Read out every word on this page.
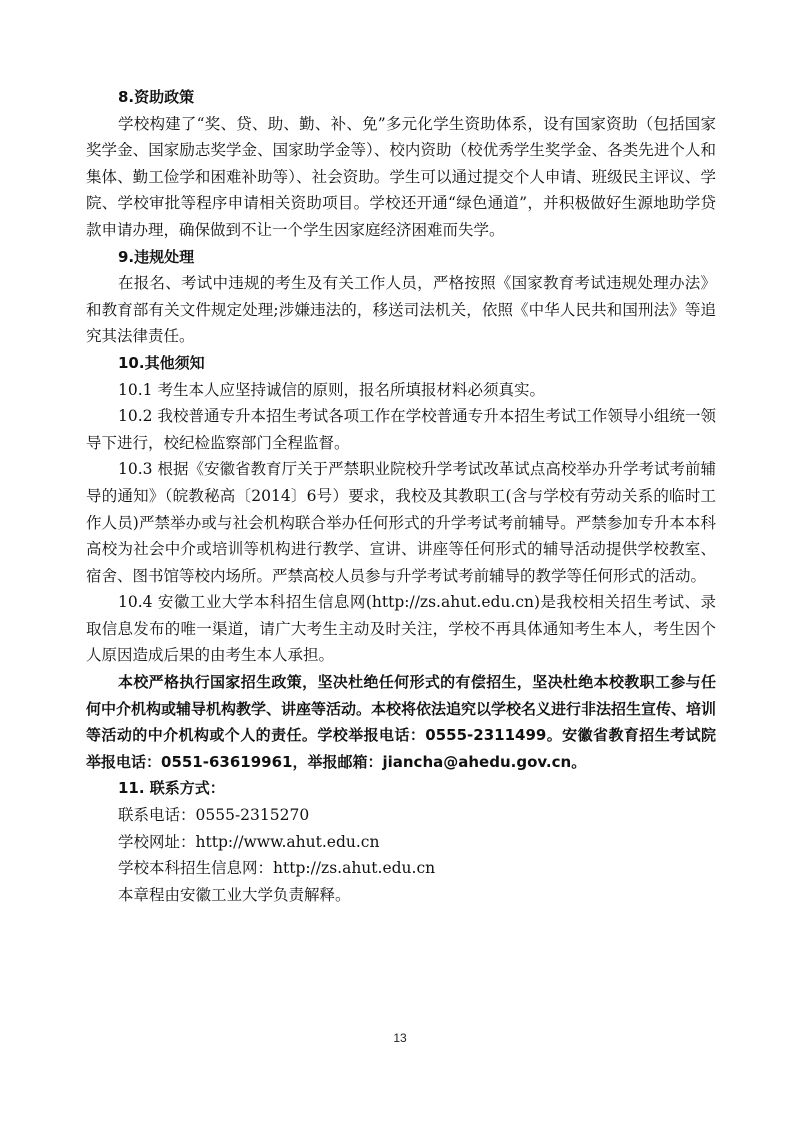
8.资助政策
学校构建了“奖、贷、助、勤、补、免”多元化学生资助体系，设有国家资助（包括国家奖学金、国家励志奖学金、国家助学金等）、校内资助（校优秀学生奖学金、各类先进个人和集体、勤工俭学和困难补助等）、社会资助。学生可以通过提交个人申请、班级民主评议、学院、学校审批等程序申请相关资助项目。学校还开通“绿色通道”，并积极做好生源地助学贷款申请办理，确保做到不让一个学生因家庭经济困难而失学。
9.违规处理
在报名、考试中违规的考生及有关工作人员，严格按照《国家教育考试违规处理办法》和教育部有关文件规定处理;涉嫌违法的，移送司法机关，依照《中华人民共和国刑法》等追究其法律责任。
10.其他须知
10.1 考生本人应坚持诚信的原则，报名所填报材料必须真实。
10.2 我校普通专升本招生考试各项工作在学校普通专升本招生考试工作领导小组统一领导下进行，校纪检监察部门全程监督。
10.3 根据《安徽省教育厅关于严禁职业院校升学考试改革试点高校举办升学考试考前辅导的通知》（皖教秘高〔2014〕6号）要求，我校及其教职工(含与学校有劳动关系的临时工作人员)严禁举办或与社会机构联合举办任何形式的升学考试考前辅导。严禁参加专升本本科高校为社会中介或培训等机构进行教学、宣讲、讲座等任何形式的辅导活动提供学校教室、宿舍、图书馆等校内场所。严禁高校人员参与升学考试考前辅导的教学等任何形式的活动。
10.4 安徽工业大学本科招生信息网(http://zs.ahut.edu.cn)是我校相关招生考试、录取信息发布的唯一渠道，请广大考生主动及时关注，学校不再具体通知考生本人，考生因个人原因造成后果的由考生本人承担。
本校严格执行国家招生政策，坚决杜绝任何形式的有偿招生，坚决杜绝本校教职工参与任何中介机构或辅导机构教学、讲座等活动。本校将依法追究以学校名义进行非法招生宣传、培训等活动的中介机构或个人的责任。学校举报电话：0555-2311499。安徽省教育招生考试院举报电话：0551-63619961，举报邮箱：jiancha@ahedu.gov.cn。
11. 联系方式：
联系电话：0555-2315270
学校网址：http://www.ahut.edu.cn
学校本科招生信息网：http://zs.ahut.edu.cn
本章程由安徽工业大学负责解释。
13
